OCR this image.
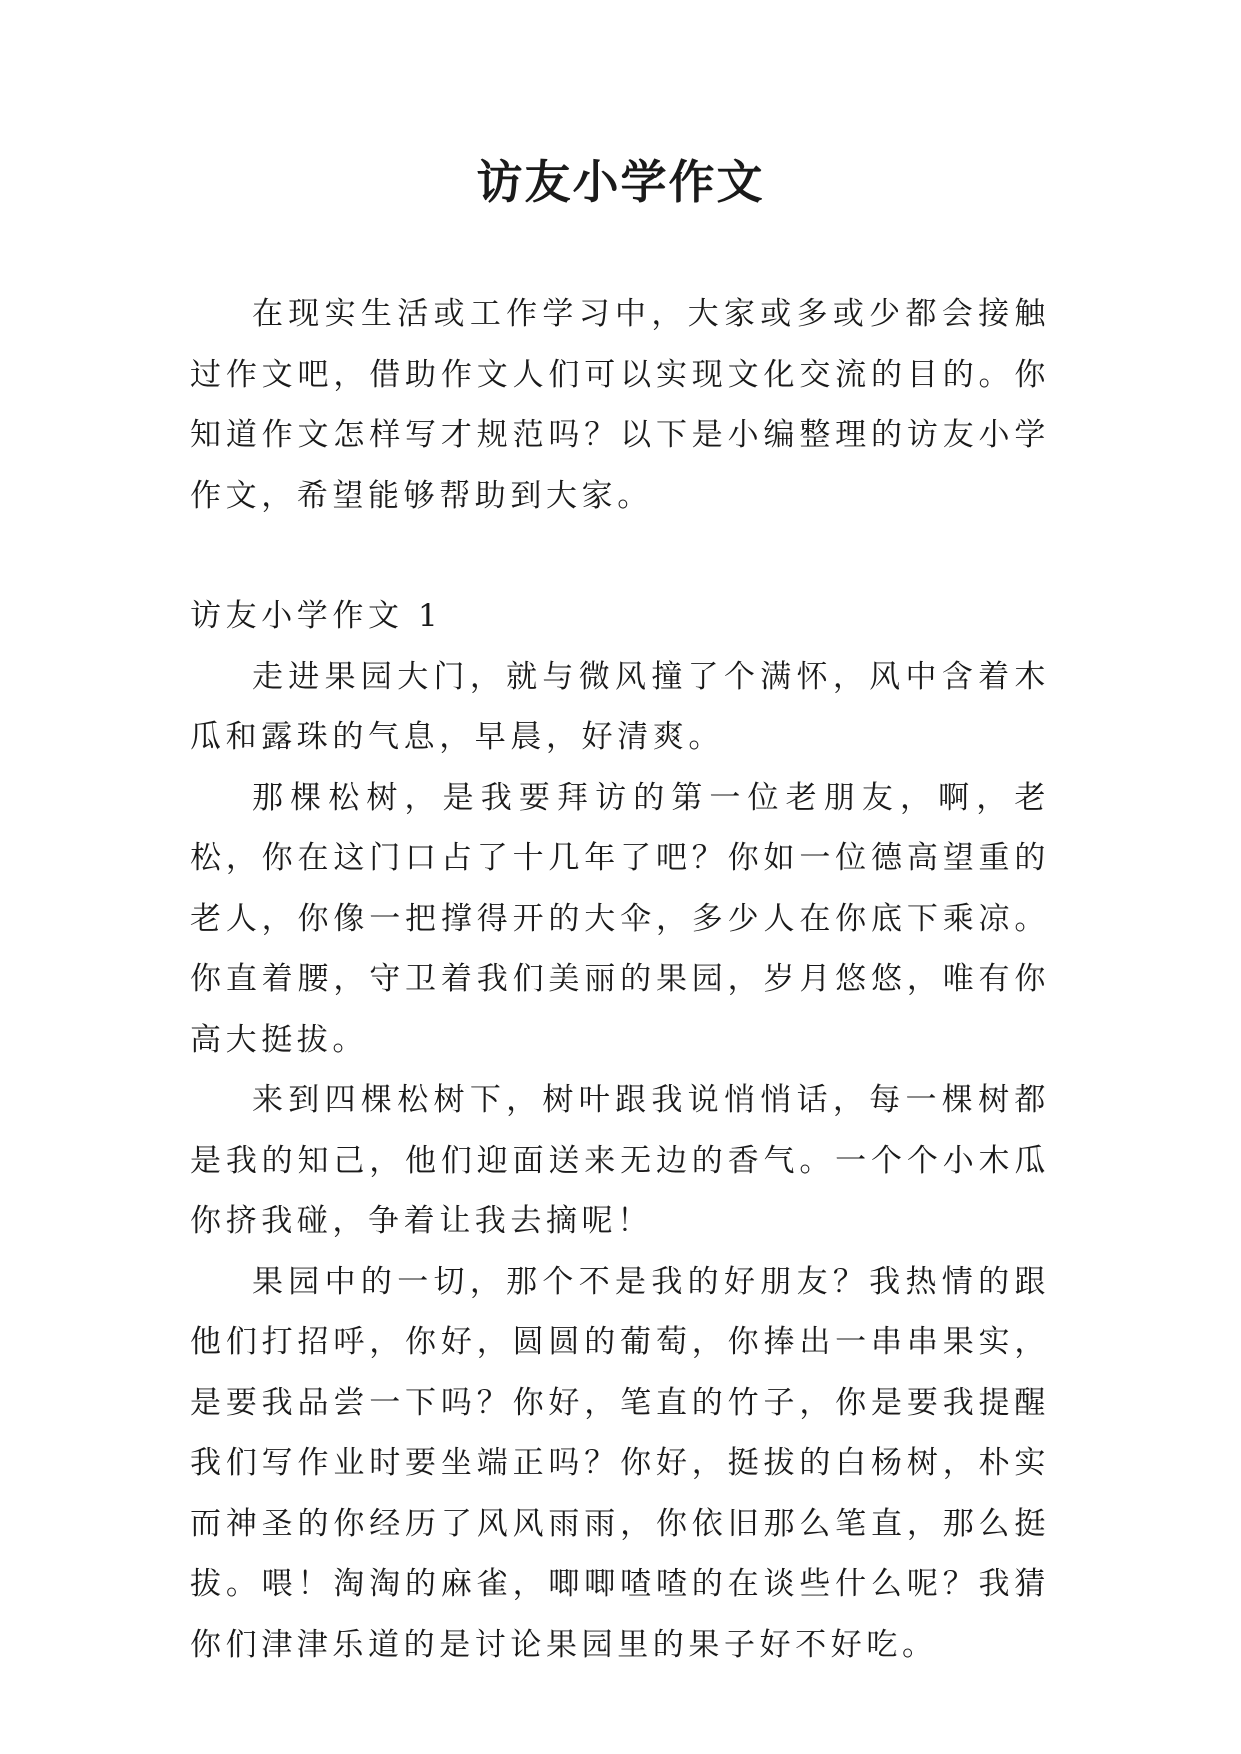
访友小学作文

在现实生活或工作学习中，大家或多或少都会接触过作文吧，借助作文人们可以实现文化交流的目的。你知道作文怎样写才规范吗？以下是小编整理的访友小学作文，希望能够帮助到大家。

访友小学作文 1

走进果园大门，就与微风撞了个满怀，风中含着木瓜和露珠的气息，早晨，好清爽。

那棵松树，是我要拜访的第一位老朋友，啊，老松，你在这门口占了十几年了吧？你如一位德高望重的老人，你像一把撑得开的大伞，多少人在你底下乘凉。你直着腰，守卫着我们美丽的果园，岁月悠悠，唯有你高大挺拔。

来到四棵松树下，树叶跟我说悄悄话，每一棵树都是我的知己，他们迎面送来无边的香气。一个个小木瓜你挤我碰，争着让我去摘呢！

果园中的一切，那个不是我的好朋友？我热情的跟他们打招呼，你好，圆圆的葡萄，你捧出一串串果实，是要我品尝一下吗？你好，笔直的竹子，你是要我提醒我们写作业时要坐端正吗？你好，挺拔的白杨树，朴实而神圣的你经历了风风雨雨，你依旧那么笔直，那么挺拔。喂！淘淘的麻雀，唧唧喳喳的在谈些什么呢？我猜你们津津乐道的是讨论果园里的果子好不好吃。
